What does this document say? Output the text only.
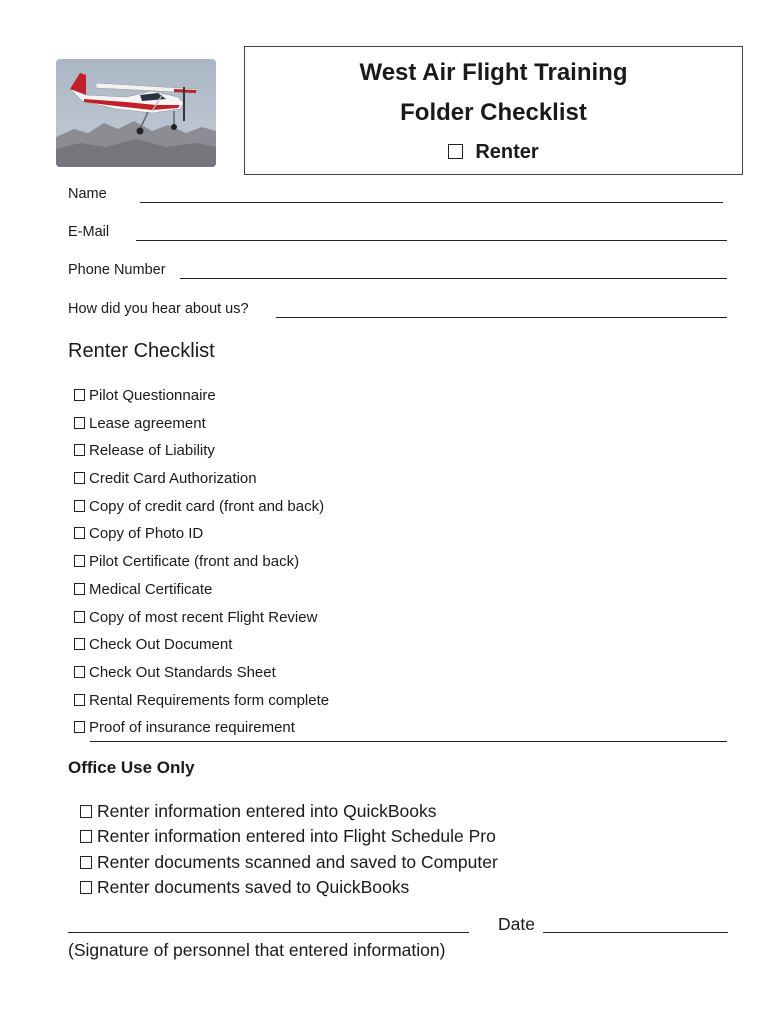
West Air Flight Training
Folder Checklist
Renter
Name
E-Mail
Phone Number
How did you hear about us?
Renter Checklist
Pilot Questionnaire
Lease agreement
Release of Liability
Credit Card Authorization
Copy of credit card (front and back)
Copy of Photo ID
Pilot Certificate (front and back)
Medical Certificate
Copy of most recent Flight Review
Check Out Document
Check Out Standards Sheet
Rental Requirements form complete
Proof of insurance requirement
Office Use Only
Renter information entered into QuickBooks
Renter information entered into Flight Schedule Pro
Renter documents scanned and saved to Computer
Renter documents saved to QuickBooks
(Signature of personnel that entered information)
Date
